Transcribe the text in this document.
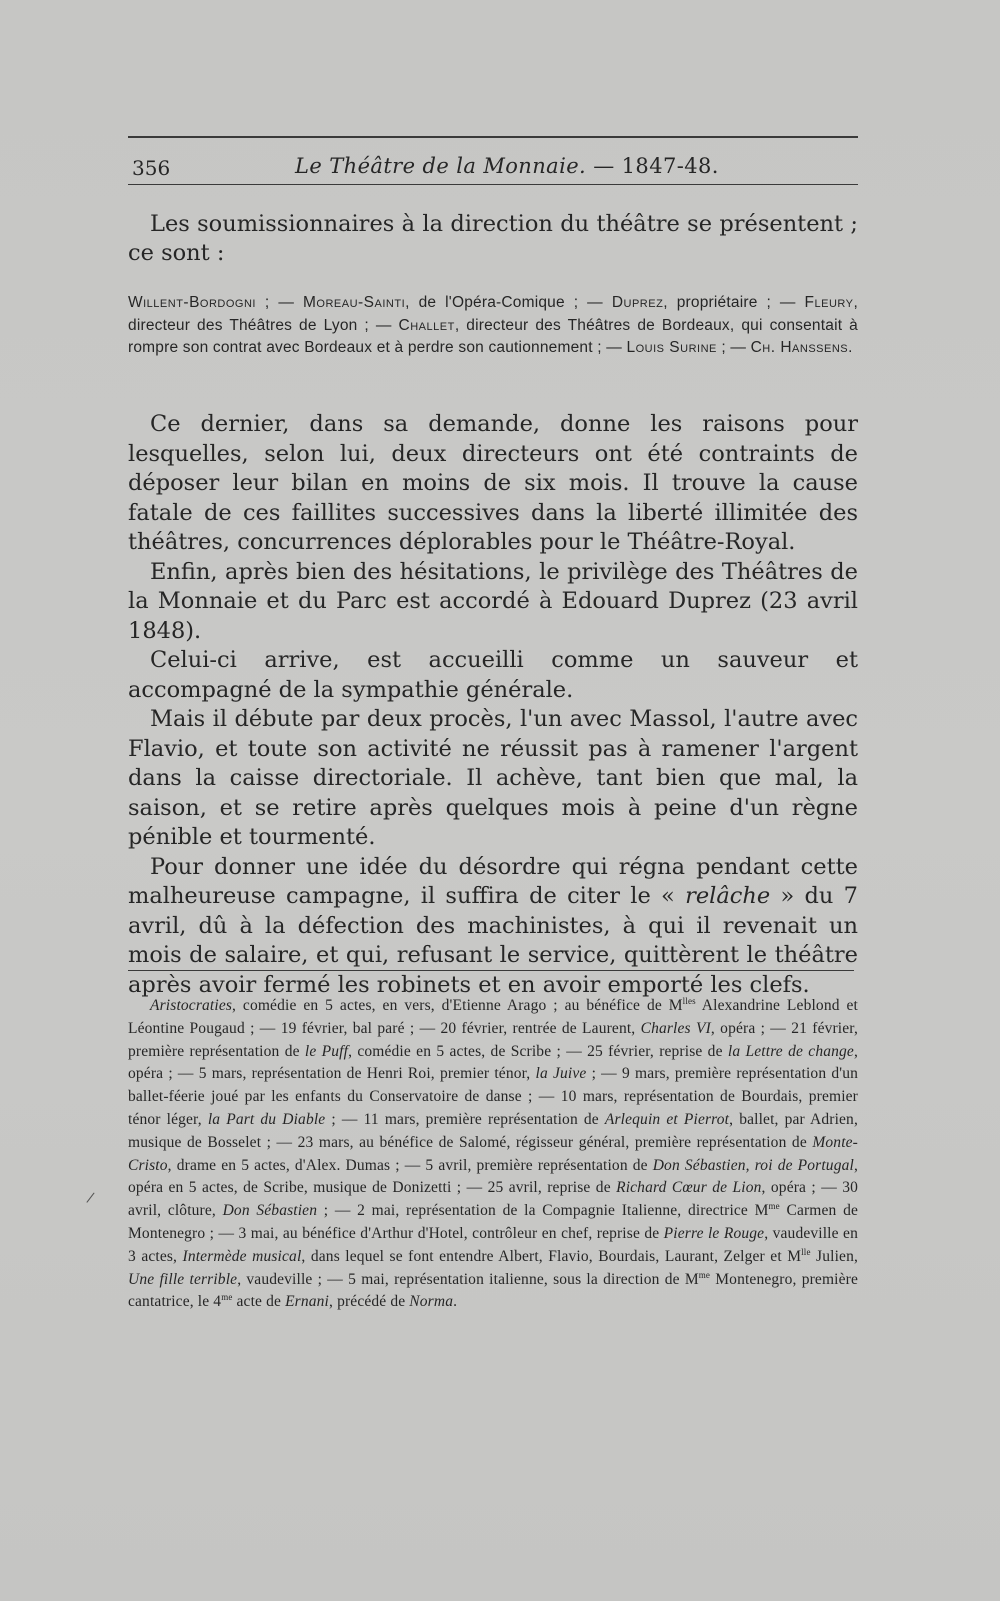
356	Le Théâtre de la Monnaie. — 1847-48.

Les soumissionnaires à la direction du théâtre se présentent ; ce sont :

Willent-Bordogni ; — Moreau-Sainti, de l'Opéra-Comique ; — Duprez, propriétaire ; — Fleury, directeur des Théâtres de Lyon ; — Challet, directeur des Théâtres de Bordeaux, qui consentait à rompre son contrat avec Bordeaux et à perdre son cautionnement ; — Louis Surine ; — Ch. Hanssens.

Ce dernier, dans sa demande, donne les raisons pour lesquelles, selon lui, deux directeurs ont été contraints de déposer leur bilan en moins de six mois. Il trouve la cause fatale de ces faillites successives dans la liberté illimitée des théâtres, concurrences déplorables pour le Théâtre-Royal.

Enfin, après bien des hésitations, le privilège des Théâtres de la Monnaie et du Parc est accordé à Edouard Duprez (23 avril 1848).

Celui-ci arrive, est accueilli comme un sauveur et accompagné de la sympathie générale.

Mais il débute par deux procès, l'un avec Massol, l'autre avec Flavio, et toute son activité ne réussit pas à ramener l'argent dans la caisse directoriale. Il achève, tant bien que mal, la saison, et se retire après quelques mois à peine d'un règne pénible et tourmenté.

Pour donner une idée du désordre qui régna pendant cette malheureuse campagne, il suffira de citer le « relâche » du 7 avril, dû à la défection des machinistes, à qui il revenait un mois de salaire, et qui, refusant le service, quittèrent le théâtre après avoir fermé les robinets et en avoir emporté les clefs.

Aristocraties, comédie en 5 actes, en vers, d'Etienne Arago ; au bénéfice de $M^{lles}$ Alexandrine Leblond et Léontine Pougaud ; — 19 février, bal paré ; — 20 février, rentrée de Laurent, Charles VI, opéra ; — 21 février, première représentation de le Puff, comédie en 5 actes, de Scribe ; — 25 février, reprise de la Lettre de change, opéra ; — 5 mars, représentation de Henri Roi, premier ténor, la Juive ; — 9 mars, première représentation d'un ballet-féerie joué par les enfants du Conservatoire de danse ; — 10 mars, représentation de Bourdais, premier ténor léger, la Part du Diable ; — 11 mars, première représentation de Arlequin et Pierrot, ballet, par Adrien, musique de Bosselet ; — 23 mars, au bénéfice de Salomé, régisseur général, première représentation de Monte-Cristo, drame en 5 actes, d'Alex. Dumas ; — 5 avril, première représentation de Don Sébastien, roi de Portugal, opéra en 5 actes, de Scribe, musique de Donizetti ; — 25 avril, reprise de Richard Cœur de Lion, opéra ; — 30 avril, clôture, Don Sébastien ; — 2 mai, représentation de la Compagnie Italienne, directrice $M^{me}$ Carmen de Montenegro ; — 3 mai, au bénéfice d'Arthur d'Hotel, contrôleur en chef, reprise de Pierre le Rouge, vaudeville en 3 actes, Intermède musical, dans lequel se font entendre Albert, Flavio, Bourdais, Laurant, Zelger et $M^{lle}$ Julien, Une fille terrible, vaudeville ; — 5 mai, représentation italienne, sous la direction de $M^{me}$ Montenegro, première cantatrice, le $4^{me}$ acte de Ernani, précédé de Norma.

/
